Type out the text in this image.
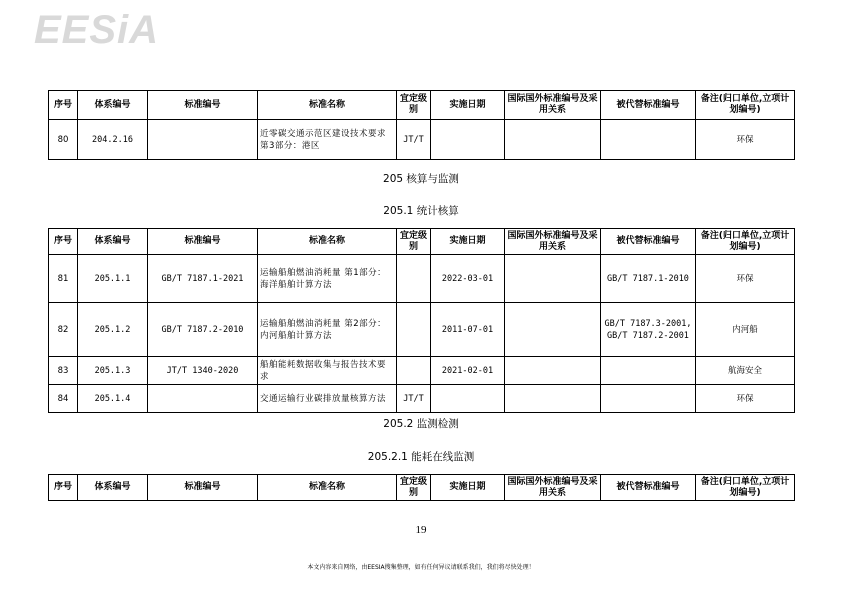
EESiA
序号	体系编号	标准编号	标准名称	宜定级别	实施日期	国际国外标准编号及采用关系	被代替标准编号	备注(归口单位,立项计划编号)
80	204.2.16		近零碳交通示范区建设技术要求 第3部分：港区	JT/T				环保
205 核算与监测
205.1 统计核算
序号	体系编号	标准编号	标准名称	宜定级别	实施日期	国际国外标准编号及采用关系	被代替标准编号	备注(归口单位,立项计划编号)
81	205.1.1	GB/T 7187.1-2021	运输船舶燃油消耗量 第1部分：海洋船舶计算方法		2022-03-01		GB/T 7187.1-2010	环保
82	205.1.2	GB/T 7187.2-2010	运输船舶燃油消耗量 第2部分：内河船舶计算方法		2011-07-01		GB/T 7187.3-2001, GB/T 7187.2-2001	内河船
83	205.1.3	JT/T 1340-2020	船舶能耗数据收集与报告技术要求		2021-02-01			航海安全
84	205.1.4		交通运输行业碳排放量核算方法	JT/T				环保
205.2 监测检测
205.2.1 能耗在线监测
序号	体系编号	标准编号	标准名称	宜定级别	实施日期	国际国外标准编号及采用关系	被代替标准编号	备注(归口单位,立项计划编号)
19
本文内容来自网络，由EESIA搜集整理，如有任何异议请联系我们，我们将尽快处理！
